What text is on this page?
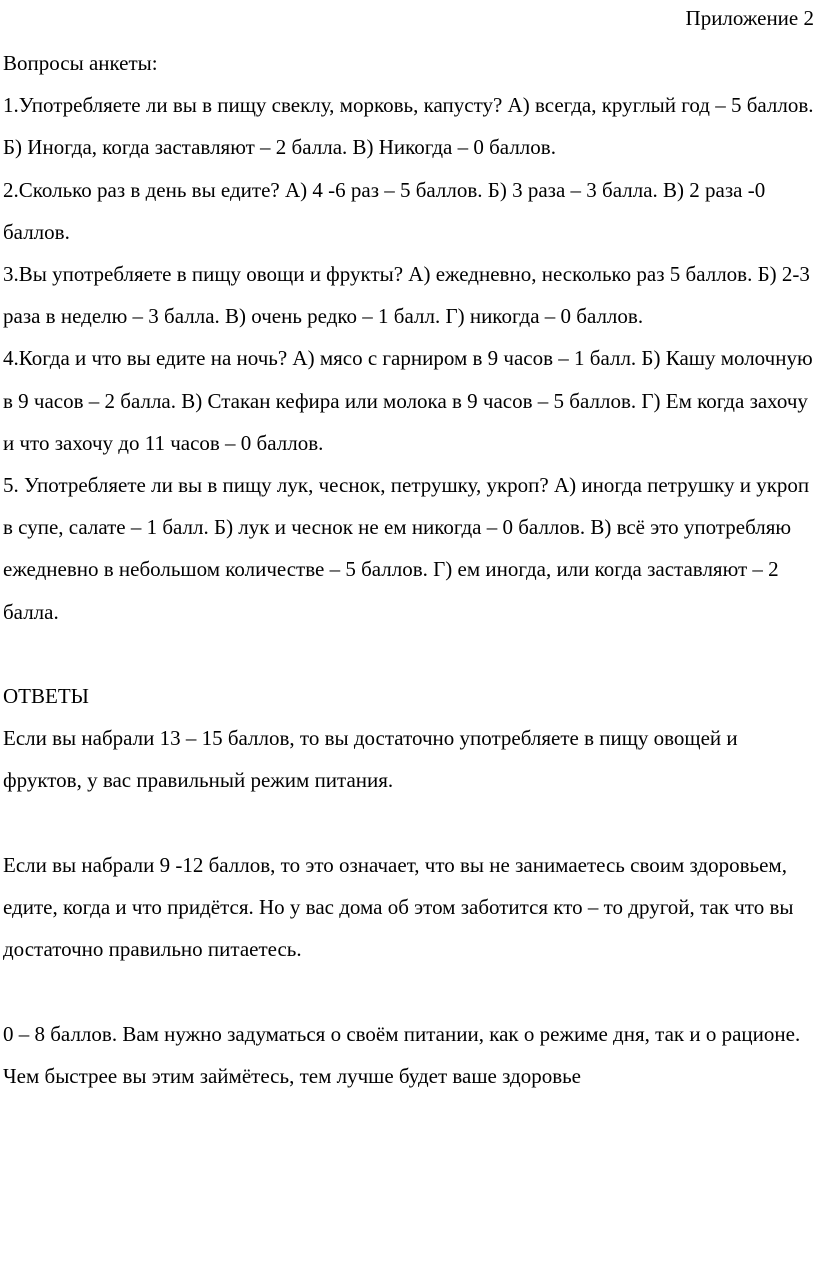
Приложение 2

Вопросы анкеты:

1.Употребляете ли вы в пищу свеклу, морковь, капусту? А) всегда, круглый год – 5 баллов. Б) Иногда, когда заставляют – 2 балла. В) Никогда – 0 баллов.

2.Сколько раз в день вы едите? А) 4 -6 раз – 5 баллов. Б) 3 раза – 3 балла. В) 2 раза -0 баллов.

3.Вы употребляете в пищу овощи и фрукты? А) ежедневно, несколько раз 5 баллов. Б) 2-3 раза в неделю – 3 балла. В) очень редко – 1 балл. Г) никогда – 0 баллов.

4.Когда и что вы едите на ночь? А) мясо с гарниром в 9 часов – 1 балл. Б) Кашу молочную в 9 часов – 2 балла. В) Стакан кефира или молока в 9 часов – 5 баллов. Г) Ем когда захочу и что захочу до 11 часов – 0 баллов.

5. Употребляете ли вы в пищу лук, чеснок, петрушку, укроп? А) иногда петрушку и укроп в супе, салате – 1 балл. Б) лук и чеснок не ем никогда – 0 баллов. В) всё это употребляю ежедневно в небольшом количестве – 5 баллов. Г) ем иногда, или когда заставляют – 2 балла.

ОТВЕТЫ

Если вы набрали 13 – 15 баллов, то вы достаточно употребляете в пищу овощей и фруктов, у вас правильный режим питания.

Если вы набрали 9 -12 баллов, то это означает, что вы не занимаетесь своим здоровьем, едите, когда и что придётся. Но у вас дома об этом заботится кто – то другой, так что вы достаточно правильно питаетесь.

0 – 8 баллов. Вам нужно задуматься о своём питании, как о режиме дня, так и о рационе. Чем быстрее вы этим займётесь, тем лучше будет ваше здоровье
